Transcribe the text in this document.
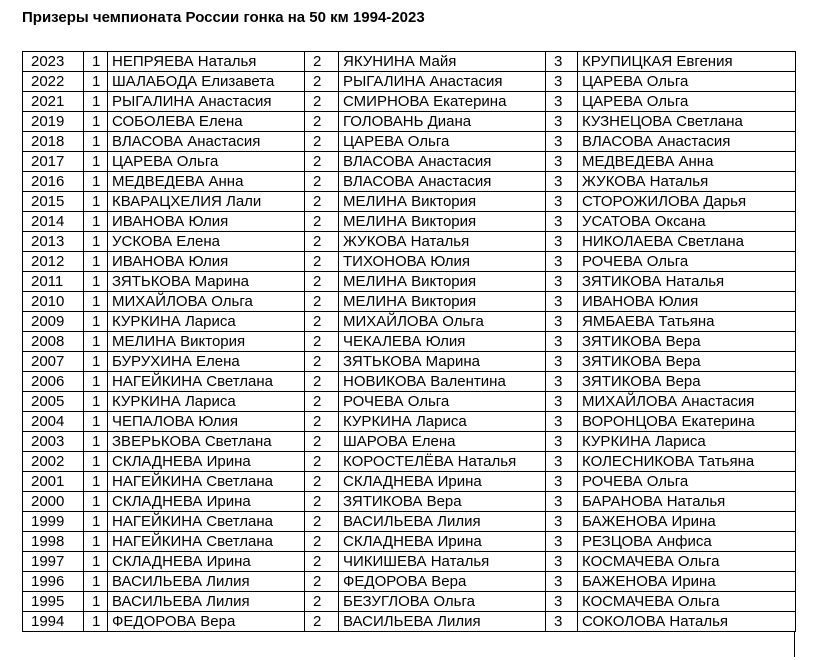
Призеры чемпионата России гонка на 50 км 1994-2023
2023	1	НЕПРЯЕВА Наталья	2	ЯКУНИНА Майя	3	КРУПИЦКАЯ Евгения
2022	1	ШАЛАБОДА Елизавета	2	РЫГАЛИНА Анастасия	3	ЦАРЕВА Ольга
2021	1	РЫГАЛИНА Анастасия	2	СМИРНОВА Екатерина	3	ЦАРЕВА Ольга
2019	1	СОБОЛЕВА Елена	2	ГОЛОВАНЬ Диана	3	КУЗНЕЦОВА Светлана
2018	1	ВЛАСОВА Анастасия	2	ЦАРЕВА Ольга	3	ВЛАСОВА Анастасия
2017	1	ЦАРЕВА Ольга	2	ВЛАСОВА Анастасия	3	МЕДВЕДЕВА Анна
2016	1	МЕДВЕДЕВА Анна	2	ВЛАСОВА Анастасия	3	ЖУКОВА Наталья
2015	1	КВАРАЦХЕЛИЯ Лали	2	МЕЛИНА Виктория	3	СТОРОЖИЛОВА Дарья
2014	1	ИВАНОВА Юлия	2	МЕЛИНА Виктория	3	УСАТОВА Оксана
2013	1	УСКОВА Елена	2	ЖУКОВА Наталья	3	НИКОЛАЕВА Светлана
2012	1	ИВАНОВА Юлия	2	ТИХОНОВА Юлия	3	РОЧЕВА Ольга
2011	1	ЗЯТЬКОВА Марина	2	МЕЛИНА Виктория	3	ЗЯТИКОВА Наталья
2010	1	МИХАЙЛОВА Ольга	2	МЕЛИНА Виктория	3	ИВАНОВА Юлия
2009	1	КУРКИНА Лариса	2	МИХАЙЛОВА Ольга	3	ЯМБАЕВА Татьяна
2008	1	МЕЛИНА Виктория	2	ЧЕКАЛЕВА Юлия	3	ЗЯТИКОВА Вера
2007	1	БУРУХИНА Елена	2	ЗЯТЬКОВА Марина	3	ЗЯТИКОВА Вера
2006	1	НАГЕЙКИНА Светлана	2	НОВИКОВА Валентина	3	ЗЯТИКОВА Вера
2005	1	КУРКИНА Лариса	2	РОЧЕВА Ольга	3	МИХАЙЛОВА Анастасия
2004	1	ЧЕПАЛОВА Юлия	2	КУРКИНА Лариса	3	ВОРОНЦОВА Екатерина
2003	1	ЗВЕРЬКОВА Светлана	2	ШАРОВА Елена	3	КУРКИНА Лариса
2002	1	СКЛАДНЕВА Ирина	2	КОРОСТЕЛЁВА Наталья	3	КОЛЕСНИКОВА Татьяна
2001	1	НАГЕЙКИНА Светлана	2	СКЛАДНЕВА Ирина	3	РОЧЕВА Ольга
2000	1	СКЛАДНЕВА Ирина	2	ЗЯТИКОВА Вера	3	БАРАНОВА Наталья
1999	1	НАГЕЙКИНА Светлана	2	ВАСИЛЬЕВА Лилия	3	БАЖЕНОВА Ирина
1998	1	НАГЕЙКИНА Светлана	2	СКЛАДНЕВА Ирина	3	РЕЗЦОВА Анфиса
1997	1	СКЛАДНЕВА Ирина	2	ЧИКИШЕВА Наталья	3	КОСМАЧЕВА Ольга
1996	1	ВАСИЛЬЕВА Лилия	2	ФЕДОРОВА Вера	3	БАЖЕНОВА Ирина
1995	1	ВАСИЛЬЕВА Лилия	2	БЕЗУГЛОВА Ольга	3	КОСМАЧЕВА Ольга
1994	1	ФЕДОРОВА Вера	2	ВАСИЛЬЕВА Лилия	3	СОКОЛОВА Наталья
